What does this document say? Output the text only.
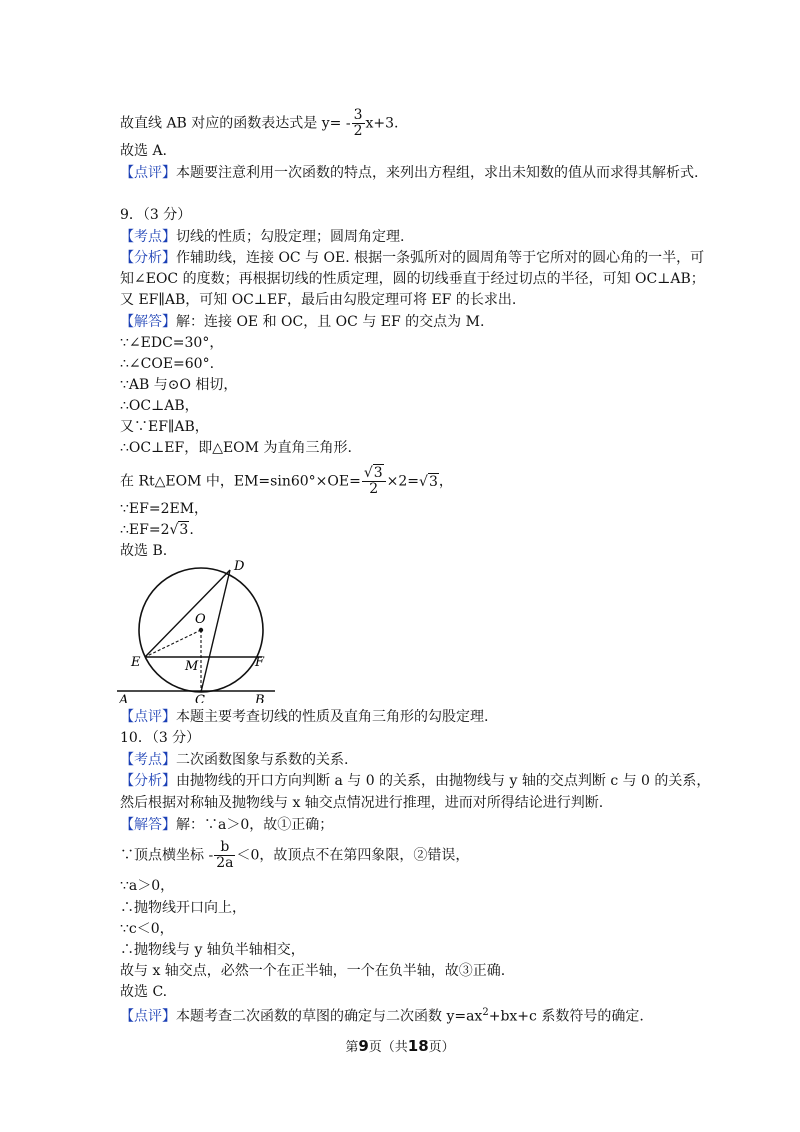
故直线 AB 对应的函数表达式是 $y= - \frac{3}{2} x+3$.
故选 A.
【点评】本题要注意利用一次函数的特点，来列出方程组，求出未知数的值从而求得其解析式.
9．（3 分）
【考点】切线的性质；勾股定理；圆周角定理.
【分析】作辅助线，连接 OC 与 OE. 根据一条弧所对的圆周角等于它所对的圆心角的一半，可
知∠EOC 的度数；再根据切线的性质定理，圆的切线垂直于经过切点的半径，可知 OC⊥AB；
又 EF∥AB，可知 OC⊥EF，最后由勾股定理可将 EF 的长求出.
【解答】解：连接 OE 和 OC，且 OC 与 EF 的交点为 M.
∵∠EDC=30°，
∴∠COE=60°.
∵AB 与⊙O 相切，
∴OC⊥AB，
又∵EF∥AB，
∴OC⊥EF，即△EOM 为直角三角形.
在 Rt△EOM 中，$EM=\sin 60^\circ\times OE= \frac{√3}{2} \times 2=√3$，
∵EF=2EM，
∴EF=2√3.
故选 B.
D
O
E	M	F
A	C	B
【点评】本题主要考查切线的性质及直角三角形的勾股定理.
10．（3 分）
【考点】二次函数图象与系数的关系.
【分析】由抛物线的开口方向判断 a 与 0 的关系，由抛物线与 y 轴的交点判断 c 与 0 的关系，
然后根据对称轴及抛物线与 x 轴交点情况进行推理，进而对所得结论进行判断.
【解答】解：∵a＞0，故①正确；
∵顶点横坐标 - $\frac{b}{2a} <0$，故顶点不在第四象限，②错误，
∵a＞0，
∴抛物线开口向上，
∵c＜0，
∴抛物线与 y 轴负半轴相交，
故与 x 轴交点，必然一个在正半轴，一个在负半轴，故③正确.
故选 C.
【点评】本题考查二次函数的草图的确定与二次函数 $y=ax^2+bx+c$ 系数符号的确定.
第9页（共18页）
